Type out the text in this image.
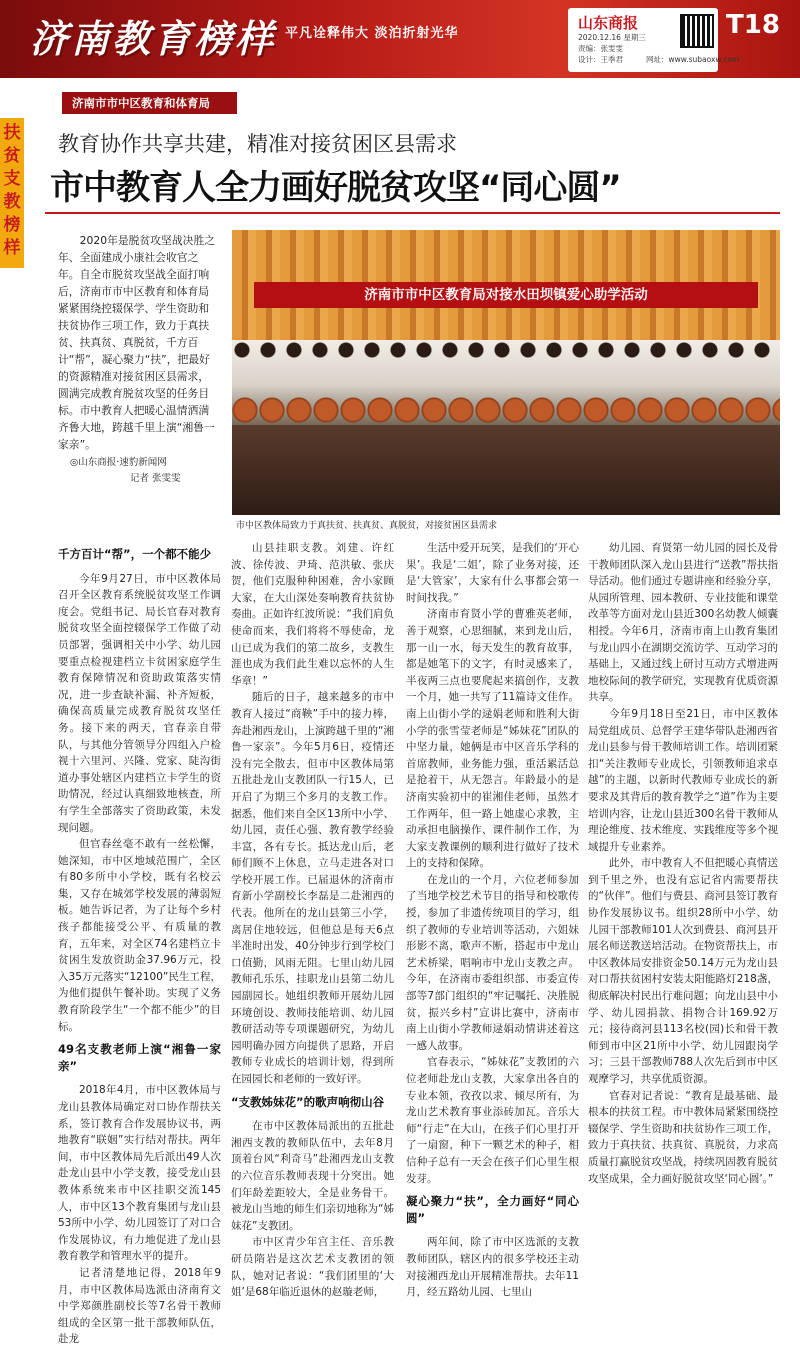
济南教育榜样 平凡诠释伟大 淡泊折射光华
山东商报
2020.12.16 星期三
责编：张雯雯
设计：王季君	网址：www.subaoxw.com
T18
扶贫支教榜样
济南市市中区教育和体育局
教育协作共享共建，精准对接贫困区县需求
市中教育人全力画好脱贫攻坚“同心圆”
2020年是脱贫攻坚战决胜之年、全面建成小康社会收官之年。自全市脱贫攻坚战全面打响后，济南市市中区教育和体育局紧紧围绕控辍保学、学生资助和扶贫协作三项工作，致力于真扶贫、扶真贫、真脱贫，千方百计“帮”，凝心聚力“扶”，把最好的资源精准对接贫困区县需求，圆满完成教育脱贫攻坚的任务目标。市中教育人把暖心温情洒满齐鲁大地，跨越千里上演“湘鲁一家亲”。
◎山东商报·速豹新闻网
记者 张雯雯
济南市市中区教育局对接水田坝镇爱心助学活动
市中区教体局致力于真扶贫、扶真贫、真脱贫，对接贫困区县需求
千方百计“帮”，一个都不能少

今年9月27日，市中区教体局召开全区教育系统脱贫攻坚工作调度会。党组书记、局长官春对教育脱贫攻坚全面控辍保学工作做了动员部署，强调相关中小学、幼儿园要重点检视建档立卡贫困家庭学生教育保障情况和资助政策落实情况，进一步查缺补漏、补齐短板，确保高质量完成教育脱贫攻坚任务。接下来的两天，官春亲自带队，与其他分管领导分四组入户检视十六里河、兴隆、党家、陡沟街道办事处辖区内建档立卡学生的资助情况，经过认真细致地核查，所有学生全部落实了资助政策，未发现问题。

但官春丝毫不敢有一丝松懈，她深知，市中区地域范围广，全区有80多所中小学校，既有名校云集，又存在城郊学校发展的薄弱短板。她告诉记者，为了让每个乡村孩子都能接受公平、有质量的教育，五年来，对全区74名建档立卡贫困生发放资助金37.96万元，投入35万元落实“12100”民生工程，为他们提供午餐补助。实现了义务教育阶段学生“一个都不能少”的目标。

49名支教老师上演“湘鲁一家亲”

2018年4月，市中区教体局与龙山县教体局确定对口协作帮扶关系，签订教育合作发展协议书，两地教育“联姻”实行结对帮扶。两年间，市中区教体局先后派出49人次赴龙山县中小学支教，接受龙山县教体系统来市中区挂职交流145人，市中区13个教育集团与龙山县53所中小学、幼儿园签订了对口合作发展协议，有力地促进了龙山县教育教学和管理水平的提升。

记者清楚地记得，2018年9月，市中区教体局选派由济南育文中学郑颜胜副校长等7名骨干教师组成的全区第一批干部教师队伍，赴龙

山县挂职支教。刘建、许红波、徐传波、尹琦、范洪敏、张庆贺，他们克服种种困难，舍小家顾大家，在大山深处奏响教育扶贫协奏曲。正如许红波所说：“我们肩负使命而来，我们将将不辱使命，龙山已成为我们的第二故乡，支教生涯也成为我们此生难以忘怀的人生华章！”

随后的日子，越来越多的市中教育人接过“商鞅”手中的接力棒，奔赴湘西龙山，上演跨越千里的“湘鲁一家亲”。今年5月6日，疫情还没有完全散去，但市中区教体局第五批赴龙山支教团队一行15人，已开启了为期三个多月的支教工作。据悉，他们来自全区13所中小学、幼儿园，责任心强、教育教学经验丰富，各有专长。抵达龙山后，老师们顾不上休息，立马走进各对口学校开展工作。已届退休的济南市育新小学副校长李磊是二赴湘西的代表。他所在的龙山县第三小学，离居住地较远，但他总是每天6点半准时出发，40分钟步行到学校门口值勤，风雨无阻。七里山幼儿园教师孔乐乐，挂职龙山县第二幼儿园副园长。她组织教师开展幼儿园环境创设、教师技能培训、幼儿园教研活动等专项课题研究，为幼儿园明确办园方向提供了思路，开启教师专业成长的培训计划，得到所在园园长和老师的一致好评。

“支教姊妹花”的歌声响彻山谷

在市中区教体局派出的五批赴湘西支教的教师队伍中，去年8月顶着台风“利奇马”赴湘西龙山支教的六位音乐教师表现十分突出。她们年龄差距较大，全是业务骨干。被龙山当地的师生们亲切地称为“姊妹花”支教团。

市中区青少年宫主任、音乐教研员隋岩是这次艺术支教团的领队，她对记者说：“我们团里的‘大姐’是68年临近退休的赵璇老师，

生活中爱开玩笑，是我们的‘开心果’。我是‘二姐’，除了业务对接，还是‘大管家’，大家有什么事都会第一时间找我。”

济南市育贤小学的曹雅英老师，善于观察，心思细腻，来到龙山后，那一山一水，每天发生的教育故事，都是她笔下的文字，有时灵感来了，半夜两三点也要爬起来搞创作，支教一个月，她一共写了11篇诗文佳作。南上山街小学的逯娟老师和胜利大街小学的张雪莹老师是“姊妹花”团队的中坚力量，她俩是市中区音乐学科的首席教师，业务能力强，重活累活总是抢着干，从无怨言。年龄最小的是济南实验初中的崔湘佳老师，虽然才工作两年，但一路上她虚心求教，主动承担电脑操作、课件制作工作，为大家支教课例的顺利进行做好了技术上的支持和保障。

在龙山的一个月，六位老师参加了当地学校艺术节目的指导和校歌传授，参加了非遗传统项目的学习，组织了教师的专业培训等活动，六姐妹形影不离，歌声不断，搭起市中龙山艺术桥梁，唱响市中龙山支教之声。今年，在济南市委组织部、市委宣传部等7部门组织的“牢记嘱托、决胜脱贫，振兴乡村”宣讲比赛中，济南市南上山街小学教师逯娟动情讲述着这一感人故事。

官春表示，“姊妹花”支教团的六位老师赴龙山支教，大家拿出各自的专业本领，孜孜以求、倾尽所有，为龙山艺术教育事业添砖加瓦。音乐大师“行走”在大山，在孩子们心里打开了一扇窗，种下一颗艺术的种子，相信种子总有一天会在孩子们心里生根发芽。

凝心聚力“扶”，全力画好“同心圆”

两年间，除了市中区选派的支教教师团队，辖区内的很多学校还主动对接湘西龙山开展精准帮扶。去年11月，经五路幼儿园、七里山

幼儿园、育贤第一幼儿园的园长及骨干教师团队深入龙山县进行“送教”帮扶指导活动。他们通过专题讲座和经验分享，从园所管理、园本教研、专业技能和课堂改革等方面对龙山县近300名幼教人倾囊相授。今年6月，济南市南上山教育集团与龙山四小在湖期交流访学、互动学习的基础上，又通过线上研讨互动方式增进两地校际间的教学研究，实现教育优质资源共享。

今年9月18日至21日，市中区教体局党组成员、总督学王建华带队赴湘西省龙山县参与骨干教师培训工作。培训团紧扣“关注教师专业成长，引领教师追求卓越”的主题，以新时代教师专业成长的新要求及其背后的教育教学之“道”作为主要培训内容，让龙山县近300名骨干教师从理论维度、技术维度、实践维度等多个视域提升专业素养。

此外，市中教育人不但把暖心真情送到千里之外，也没有忘记省内需要帮扶的“伙伴”。他们与费县、商河县签订教育协作发展协议书。组织28所中小学、幼儿园干部教师101人次到费县、商河县开展名师送教送培活动。在物资帮扶上，市中区教体局安排资金50.14万元为龙山县对口帮扶贫困村安装太阳能路灯218盏，彻底解决村民出行难问题；向龙山县中小学、幼儿园捐款、捐物合计169.92万元；接待商河县113名校(园)长和骨干教师到市中区21所中小学、幼儿园跟岗学习；三县干部教师788人次先后到市中区观摩学习，共享优质资源。

官春对记者说：“教育是最基础、最根本的扶贫工程。市中教体局紧紧围绕控辍保学、学生资助和扶贫协作三项工作，致力于真扶贫、扶真贫、真脱贫，力求高质量打赢脱贫攻坚战，持续巩固教育脱贫攻坚成果，全力画好脱贫攻坚‘同心圆’。”
